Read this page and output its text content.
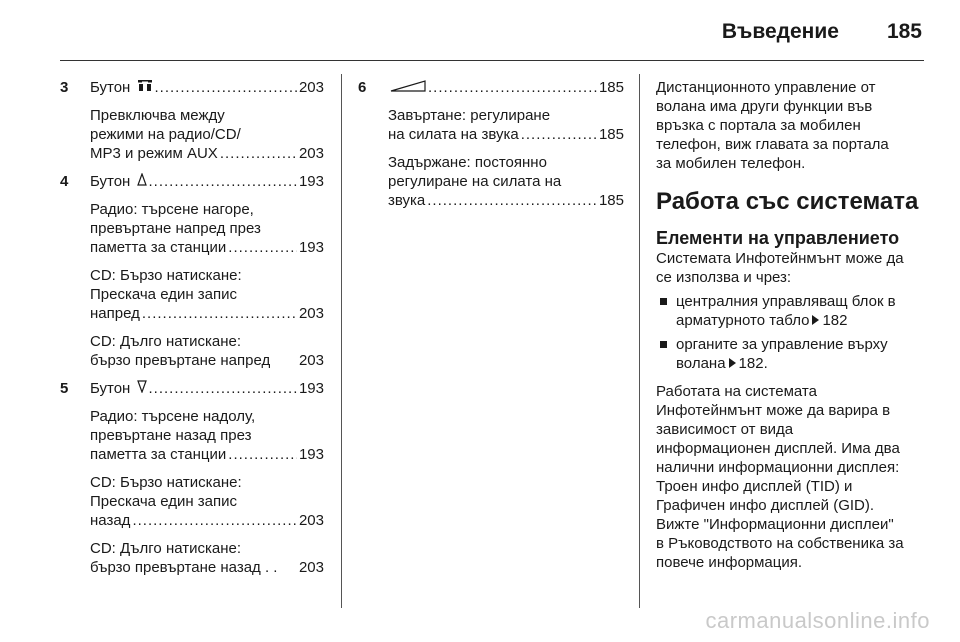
Въведение 185
3 Бутон .....	203
Превключва между
режими на радио/CD/
MP3 и режим AUX .....	203
4 Бутон .....	193
Радио: търсене нагоре,
превъртане напред през
паметта за станции .....	193
CD: Бързо натискане:
Прескача един запис
напред .....	203
CD: Дълго натискане:
бързо превъртане напред 203
5 Бутон .....	193
Радио: търсене надолу,
превъртане назад през
паметта за станции .....	193
CD: Бързо натискане:
Прескача един запис
назад .....	203
CD: Дълго натискане:
бързо превъртане назад . . 203
6 .....	185
Завъртане: регулиране
на силата на звука .....	185
Задържане: постоянно
регулиране на силата на
звука .....	185
Дистанционното управление от
волана има други функции във
връзка с портала за мобилен
телефон, виж главата за портала
за мобилен телефон.
Работа със системата
Елементи на управлението
Системата Инфотейнмънт може да
се използва и чрез:
централния управляващ блок в
арматурното табло 182
органите за управление върху
волана 182.
Работата на системата
Инфотейнмънт може да варира в
зависимост от вида
информационен дисплей. Има два
налични информационни дисплея:
Троен инфо дисплей (TID) и
Графичен инфо дисплей (GID).
Вижте "Информационни дисплеи"
в Ръководството на собственика за
повече информация.
carmanualsonline.info
